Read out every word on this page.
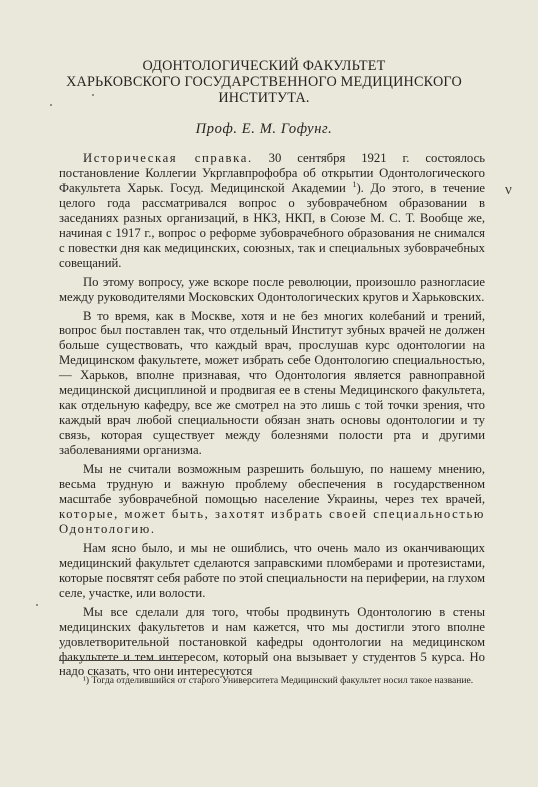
ОДОНТОЛОГИЧЕСКИЙ ФАКУЛЬТЕТ
ХАРЬКОВСКОГО ГОСУДАРСТВЕННОГО МЕДИЦИНСКОГО
ИНСТИТУТА.
Проф. Е. М. Гофунг.

Историческая справка. 30 сентября 1921 г. состоялось постановление Коллегии Укрглавпрофобра об открытии Одонтологического Факультета Харьк. Госуд. Медицинской Академии $^1$). До этого, в течение целого года рассматривался вопрос о зубоврачебном образовании в заседаниях разных организаций, в НКЗ, НКП, в Союзе М. С. Т. Вообще же, начиная с 1917 г., вопрос о реформе зубоврачебного образования не снимался с повестки дня как медицинских, союзных, так и специальных зубоврачебных совещаний.

По этому вопросу, уже вскоре после революции, произошло разногласие между руководителями Московских Одонтологических кругов и Харьковских.

В то время, как в Москве, хотя и не без многих колебаний и трений, вопрос был поставлен так, что отдельный Институт зубных врачей не должен больше существовать, что каждый врач, прослушав курс одонтологии на Медицинском факультете, может избрать себе Одонтологию специальностью, — Харьков, вполне признавая, что Одонтология является равноправной медицинской дисциплиной и продвигая ее в стены Медицинского факультета, как отдельную кафедру, все же смотрел на это лишь с той точки зрения, что каждый врач любой специальности обязан знать основы одонтологии и ту связь, которая существует между болезнями полости рта и другими заболеваниями организма.

Мы не считали возможным разрешить большую, по нашему мнению, весьма трудную и важную проблему обеспечения в государственном масштабе зубоврачебной помощью население Украины, через тех врачей, которые, может быть, захотят избрать своей специальностью Одонтологию.

Нам ясно было, и мы не ошиблись, что очень мало из оканчивающих медицинский факультет сделаются заправскими пломберами и протезистами, которые посвятят себя работе по этой специальности на периферии, на глухом селе, участке, или волости.

Мы все сделали для того, чтобы продвинуть Одонтологию в стены медицинских факультетов и нам кажется, что мы достигли этого вполне удовлетворительной постановкой кафедры одонтологии на медицинском факультете и тем интересом, который она вызывает у студентов 5 курса. Но надо сказать, что они интересуются

¹) Тогда отделившийся от старого Университета Медицинский факультет носил такое название.
ν
